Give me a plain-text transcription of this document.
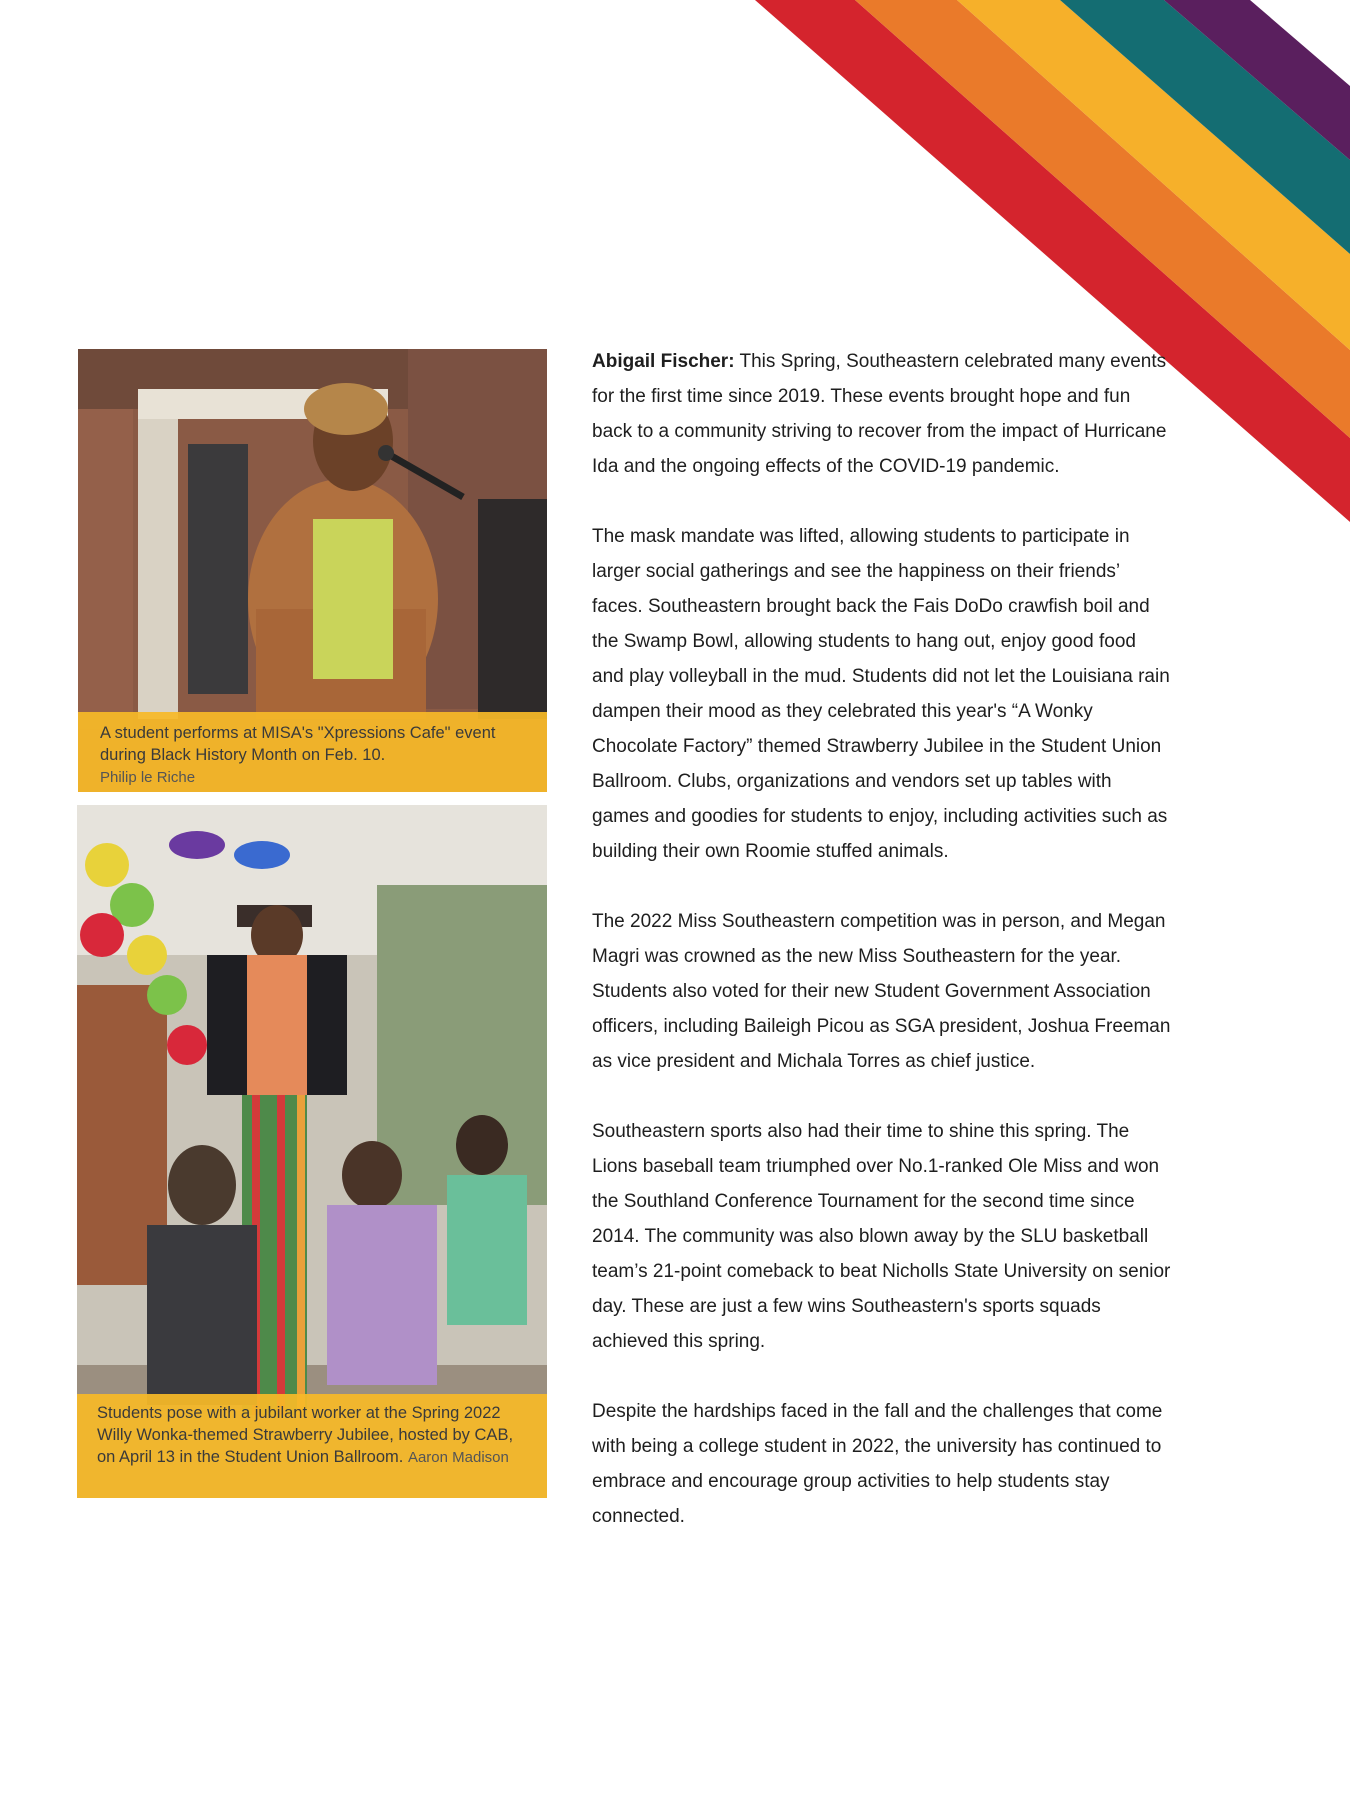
A student performs at MISA's "Xpressions Cafe" event during Black History Month on Feb. 10.
Philip le Riche
Students pose with a jubilant worker at the Spring 2022 Willy Wonka-themed Strawberry Jubilee, hosted by CAB, on April 13 in the Student Union Ballroom. Aaron Madison

Abigail Fischer: This Spring, Southeastern celebrated many events for the first time since 2019. These events brought hope and fun back to a community striving to recover from the impact of Hurricane Ida and the ongoing effects of the COVID-19 pandemic.

The mask mandate was lifted, allowing students to participate in larger social gatherings and see the happiness on their friends’ faces. Southeastern brought back the Fais DoDo crawfish boil and the Swamp Bowl, allowing students to hang out, enjoy good food and play volleyball in the mud. Students did not let the Louisiana rain dampen their mood as they celebrated this year's “A Wonky Chocolate Factory” themed Strawberry Jubilee in the Student Union Ballroom. Clubs, organizations and vendors set up tables with games and goodies for students to enjoy, including activities such as building their own Roomie stuffed animals.

The 2022 Miss Southeastern competition was in person, and Megan Magri was crowned as the new Miss Southeastern for the year. Students also voted for their new Student Government Association officers, including Baileigh Picou as SGA president, Joshua Freeman as vice president and Michala Torres as chief justice.

Southeastern sports also had their time to shine this spring. The Lions baseball team triumphed over No.1-ranked Ole Miss and won the Southland Conference Tournament for the second time since 2014. The community was also blown away by the SLU basketball team’s 21-point comeback to beat Nicholls State University on senior day. These are just a few wins Southeastern's sports squads achieved this spring.

Despite the hardships faced in the fall and the challenges that come with being a college student in 2022, the university has continued to embrace and encourage group activities to help students stay connected.
